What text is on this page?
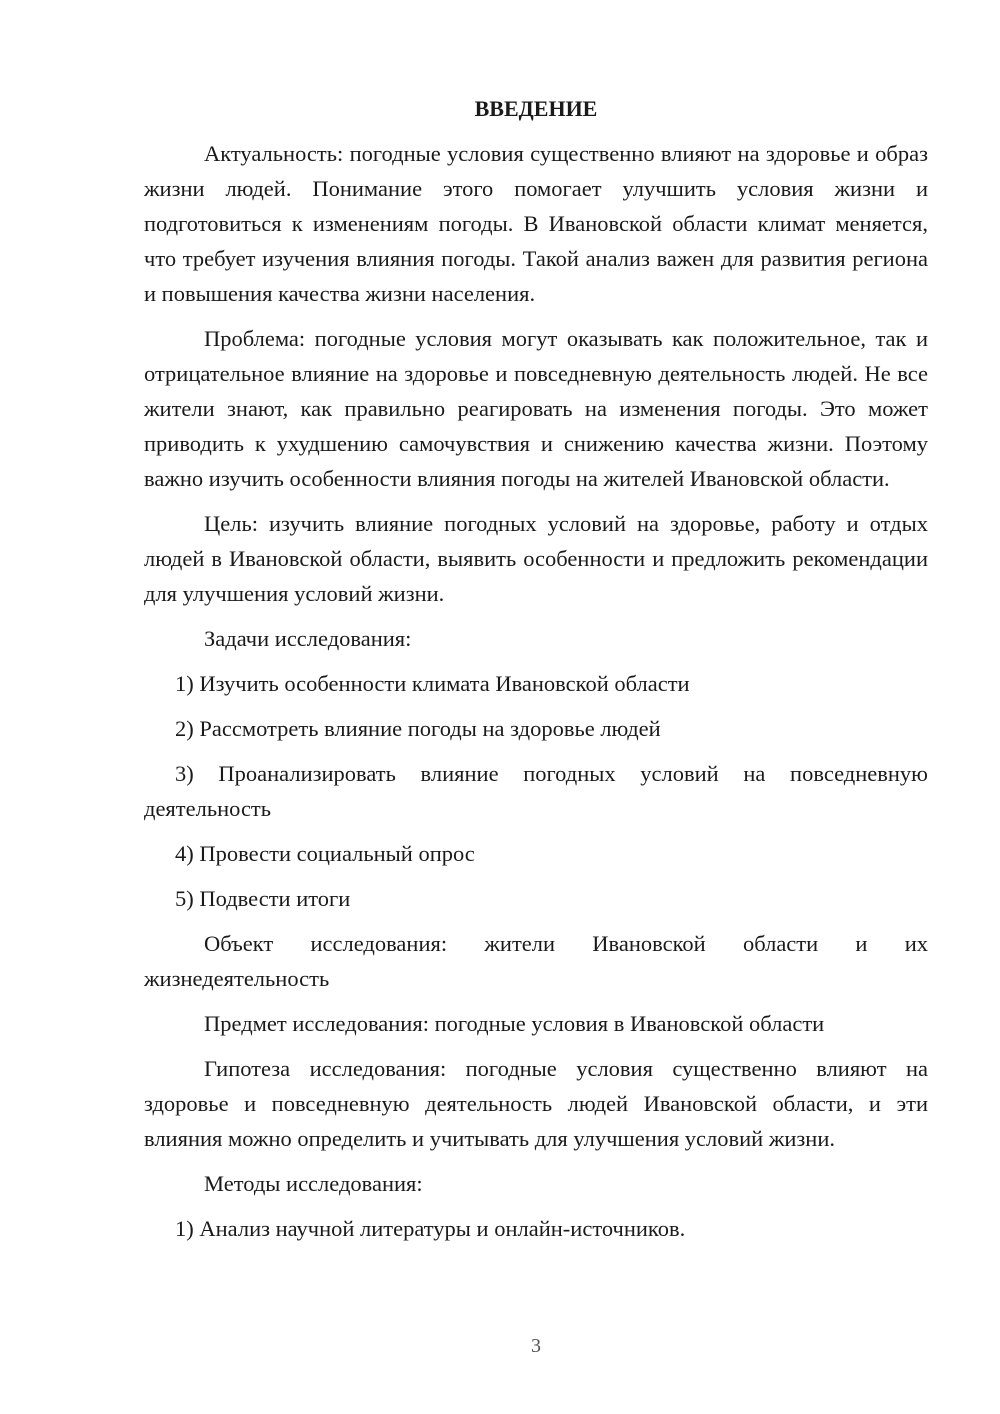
ВВЕДЕНИЕ

Актуальность: погодные условия существенно влияют на здоровье и образ жизни людей. Понимание этого помогает улучшить условия жизни и подготовиться к изменениям погоды. В Ивановской области климат меняется, что требует изучения влияния погоды. Такой анализ важен для развития региона и повышения качества жизни населения.

Проблема: погодные условия могут оказывать как положительное, так и отрицательное влияние на здоровье и повседневную деятельность людей. Не все жители знают, как правильно реагировать на изменения погоды. Это может приводить к ухудшению самочувствия и снижению качества жизни. Поэтому важно изучить особенности влияния погоды на жителей Ивановской области.

Цель: изучить влияние погодных условий на здоровье, работу и отдых людей в Ивановской области, выявить особенности и предложить рекомендации для улучшения условий жизни.

Задачи исследования:

1) Изучить особенности климата Ивановской области

2) Рассмотреть влияние погоды на здоровье людей

3) Проанализировать влияние погодных условий на повседневную деятельность

4) Провести социальный опрос

5) Подвести итоги

Объект исследования: жители Ивановской области и их жизнедеятельность

Предмет исследования: погодные условия в Ивановской области

Гипотеза исследования: погодные условия существенно влияют на здоровье и повседневную деятельность людей Ивановской области, и эти влияния можно определить и учитывать для улучшения условий жизни.

Методы исследования:

1) Анализ научной литературы и онлайн-источников.

3
